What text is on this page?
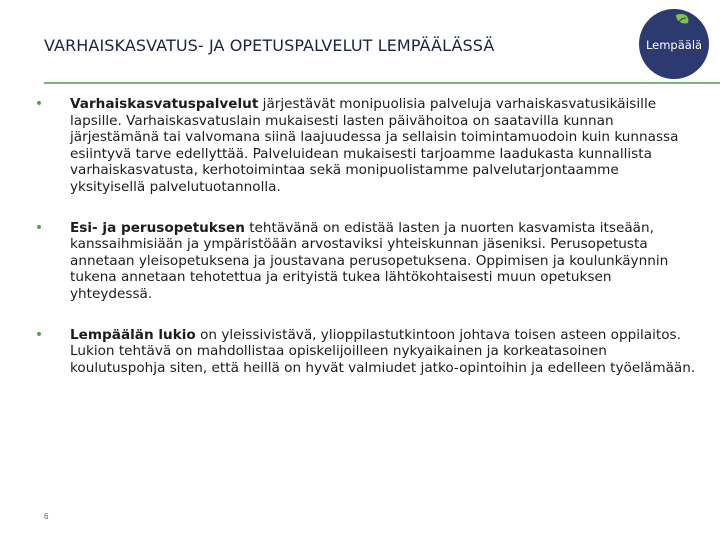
VARHAISKASVATUS- JA OPETUSPALVELUT LEMPÄÄLÄSSÄ	Lempäälä
• Varhaiskasvatuspalvelut järjestävät monipuolisia palveluja varhaiskasvatusikäisille lapsille. Varhaiskasvatuslain mukaisesti lasten päivähoitoa on saatavilla kunnan järjestämänä tai valvomana siinä laajuudessa ja sellaisin toimintamuodoin kuin kunnassa esiintyvä tarve edellyttää. Palveluidean mukaisesti tarjoamme laadukasta kunnallista varhaiskasvatusta, kerhotoimintaa sekä monipuolistamme palvelutarjontaamme yksityisellä palvelutuotannolla.
• Esi- ja perusopetuksen tehtävänä on edistää lasten ja nuorten kasvamista itseään, kanssaihmisiään ja ympäristöään arvostaviksi yhteiskunnan jäseniksi. Perusopetusta annetaan yleisopetuksena ja joustavana perusopetuksena. Oppimisen ja koulunkäynnin tukena annetaan tehotettua ja erityistä tukea lähtökohtaisesti muun opetuksen yhteydessä.
• Lempäälän lukio on yleissivistävä, ylioppilastutkintoon johtava toisen asteen oppilaitos. Lukion tehtävä on mahdollistaa opiskelijoilleen nykyaikainen ja korkeatasoinen koulutuspohja siten, että heillä on hyvät valmiudet jatko-opintoihin ja edelleen työelämään.
6
